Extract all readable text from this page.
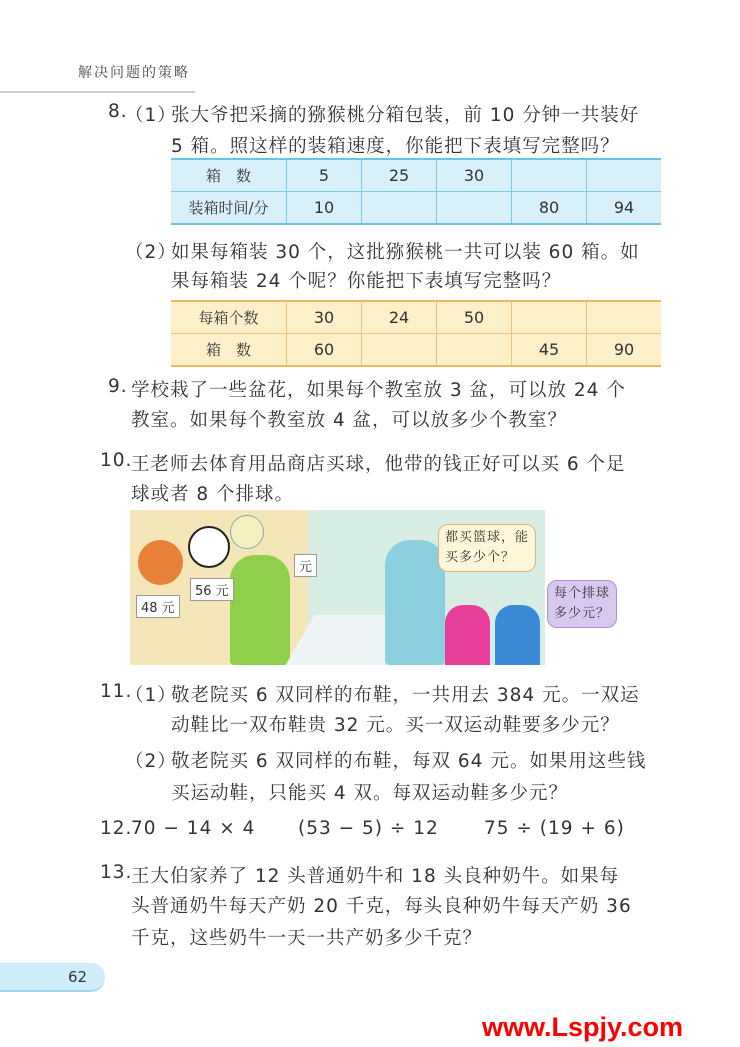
解决问题的策略
8.
（1）
张大爷把采摘的猕猴桃分箱包装，前 10 分钟一共装好
5 箱。照这样的装箱速度，你能把下表填写完整吗？
箱　数	5	25	30		
装箱时间/分	10			80	94
（2）
如果每箱装 30 个，这批猕猴桃一共可以装 60 箱。如
果每箱装 24 个呢？你能把下表填写完整吗？
每箱个数	30	24	50		
箱　数	60			45	90
9. 学校栽了一些盆花，如果每个教室放 3 盆，可以放 24 个
教室。如果每个教室放 4 盆，可以放多少个教室？
10.
王老师去体育用品商店买球，他带的钱正好可以买 6 个足
球或者 8 个排球。
48 元
56 元
元
都买篮球，能
买多少个？
每个排球
多少元？
11.
（1）
敬老院买 6 双同样的布鞋，一共用去 384 元。一双运
动鞋比一双布鞋贵 32 元。买一双运动鞋要多少元？
（2）
敬老院买 6 双同样的布鞋，每双 64 元。如果用这些钱
买运动鞋，只能买 4 双。每双运动鞋多少元？
12.
70 − 14 × 4 (53 − 5) ÷ 12 75 ÷ (19 + 6)
13.
王大伯家养了 12 头普通奶牛和 18 头良种奶牛。如果每
头普通奶牛每天产奶 20 千克，每头良种奶牛每天产奶 36
千克，这些奶牛一天一共产奶多少千克？
62
www.Lspjy.com
